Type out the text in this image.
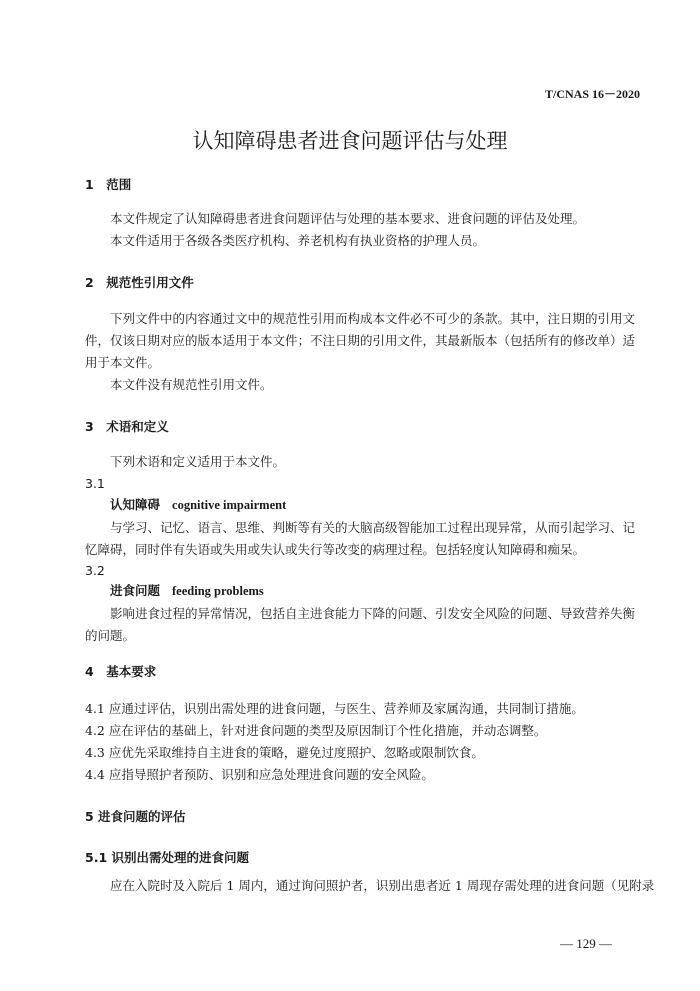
T/CNAS 16－2020
认知障碍患者进食问题评估与处理
1　范围
本文件规定了认知障碍患者进食问题评估与处理的基本要求、进食问题的评估及处理。
本文件适用于各级各类医疗机构、养老机构有执业资格的护理人员。
2　规范性引用文件
下列文件中的内容通过文中的规范性引用而构成本文件必不可少的条款。其中，注日期的引用文件，仅该日期对应的版本适用于本文件；不注日期的引用文件，其最新版本（包括所有的修改单）适用于本文件。
本文件没有规范性引用文件。
3　术语和定义
下列术语和定义适用于本文件。
3.1
认知障碍 cognitive impairment
与学习、记忆、语言、思维、判断等有关的大脑高级智能加工过程出现异常，从而引起学习、记忆障碍，同时伴有失语或失用或失认或失行等改变的病理过程。包括轻度认知障碍和痴呆。
3.2
进食问题 feeding problems
影响进食过程的异常情况，包括自主进食能力下降的问题、引发安全风险的问题、导致营养失衡的问题。
4　基本要求
4.1 应通过评估，识别出需处理的进食问题，与医生、营养师及家属沟通，共同制订措施。
4.2 应在评估的基础上，针对进食问题的类型及原因制订个性化措施，并动态调整。
4.3 应优先采取维持自主进食的策略，避免过度照护、忽略或限制饮食。
4.4 应指导照护者预防、识别和应急处理进食问题的安全风险。
5 进食问题的评估
5.1 识别出需处理的进食问题
应在入院时及入院后 1 周内，通过询问照护者，识别出患者近 1 周现存需处理的进食问题（见附录
— 129 —
